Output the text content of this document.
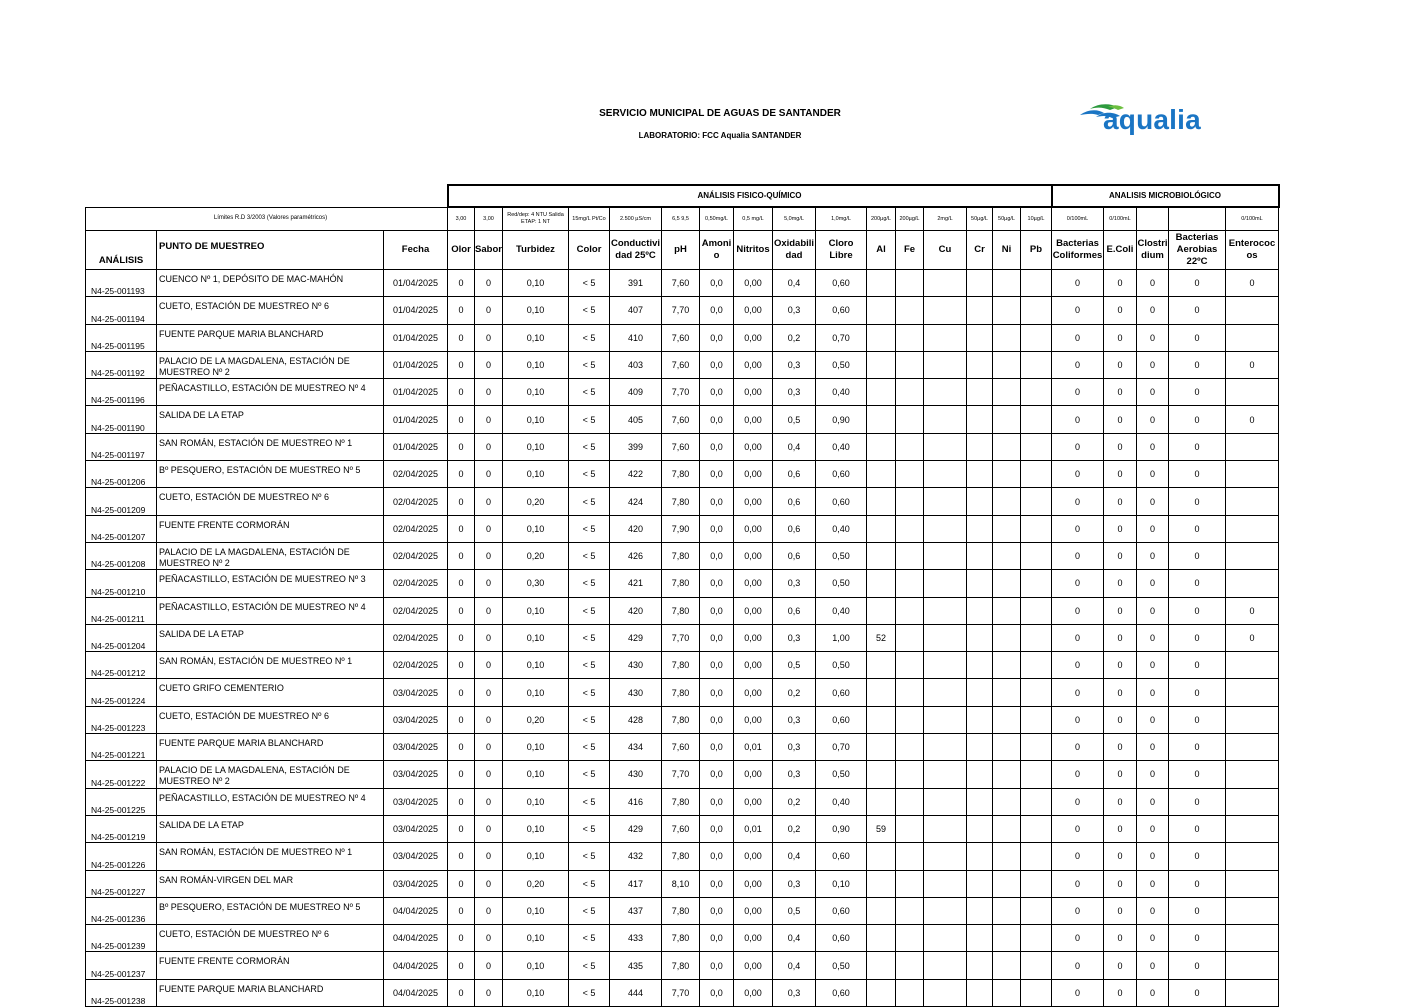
SERVICIO MUNICIPAL DE AGUAS DE SANTANDER
LABORATORIO: FCC Aqualia SANTANDER
aqualia
			ANÁLISIS FISICO-QUÍMICO																ANALISIS MICROBIOLÓGICO				
Límites R.D 3/2003 (Valores paramétricos)			3,00	3,00	Red/dep: 4 NTU Salida ETAP: 1 NT	15mg/L Pt/Co	2.500 µS/cm	6,5 9,5	0,50mg/L	0,5 mg/L	5,0mg/L	1,0mg/L	200µg/L	200µg/L	2mg/L	50µg/L	50µg/L	10µg/L	0/100mL	0/100mL			0/100mL
ANÁLISIS	PUNTO DE MUESTREO	Fecha	Olor	Sabor	Turbidez	Color	Conductividad 25ºC	pH	Amonio	Nitritos	Oxidabilidad	Cloro Libre	Al	Fe	Cu	Cr	Ni	Pb	Bacterias Coliformes	E.Coli	Clostridium	Bacterias Aerobias 22ºC	Enterococos
N4-25-001193	CUENCO Nº 1, DEPÓSITO DE MAC-MAHÓN	01/04/2025	0	0	0,10	< 5	391	7,60	0,0	0,00	0,4	0,60							0	0	0	0	0
N4-25-001194	CUETO, ESTACIÓN DE MUESTREO Nº 6	01/04/2025	0	0	0,10	< 5	407	7,70	0,0	0,00	0,3	0,60							0	0	0	0	
N4-25-001195	FUENTE PARQUE MARIA BLANCHARD	01/04/2025	0	0	0,10	< 5	410	7,60	0,0	0,00	0,2	0,70							0	0	0	0	
N4-25-001192	PALACIO DE LA MAGDALENA, ESTACIÓN DE MUESTREO Nº 2	01/04/2025	0	0	0,10	< 5	403	7,60	0,0	0,00	0,3	0,50							0	0	0	0	0
N4-25-001196	PEÑACASTILLO, ESTACIÓN DE MUESTREO Nº 4	01/04/2025	0	0	0,10	< 5	409	7,70	0,0	0,00	0,3	0,40							0	0	0	0	
N4-25-001190	SALIDA DE LA ETAP	01/04/2025	0	0	0,10	< 5	405	7,60	0,0	0,00	0,5	0,90							0	0	0	0	0
N4-25-001197	SAN ROMÁN, ESTACIÓN DE MUESTREO Nº 1	01/04/2025	0	0	0,10	< 5	399	7,60	0,0	0,00	0,4	0,40							0	0	0	0	
N4-25-001206	Bº PESQUERO, ESTACIÓN DE MUESTREO Nº 5	02/04/2025	0	0	0,10	< 5	422	7,80	0,0	0,00	0,6	0,60							0	0	0	0	
N4-25-001209	CUETO, ESTACIÓN DE MUESTREO Nº 6	02/04/2025	0	0	0,20	< 5	424	7,80	0,0	0,00	0,6	0,60							0	0	0	0	
N4-25-001207	FUENTE FRENTE CORMORÁN	02/04/2025	0	0	0,10	< 5	420	7,90	0,0	0,00	0,6	0,40							0	0	0	0	
N4-25-001208	PALACIO DE LA MAGDALENA, ESTACIÓN DE MUESTREO Nº 2	02/04/2025	0	0	0,20	< 5	426	7,80	0,0	0,00	0,6	0,50							0	0	0	0	
N4-25-001210	PEÑACASTILLO, ESTACIÓN DE MUESTREO Nº 3	02/04/2025	0	0	0,30	< 5	421	7,80	0,0	0,00	0,3	0,50							0	0	0	0	
N4-25-001211	PEÑACASTILLO, ESTACIÓN DE MUESTREO Nº 4	02/04/2025	0	0	0,10	< 5	420	7,80	0,0	0,00	0,6	0,40							0	0	0	0	0
N4-25-001204	SALIDA DE LA ETAP	02/04/2025	0	0	0,10	< 5	429	7,70	0,0	0,00	0,3	1,00	52						0	0	0	0	0
N4-25-001212	SAN ROMÁN, ESTACIÓN DE MUESTREO Nº 1	02/04/2025	0	0	0,10	< 5	430	7,80	0,0	0,00	0,5	0,50							0	0	0	0	
N4-25-001224	CUETO GRIFO CEMENTERIO	03/04/2025	0	0	0,10	< 5	430	7,80	0,0	0,00	0,2	0,60							0	0	0	0	
N4-25-001223	CUETO, ESTACIÓN DE MUESTREO Nº 6	03/04/2025	0	0	0,20	< 5	428	7,80	0,0	0,00	0,3	0,60							0	0	0	0	
N4-25-001221	FUENTE PARQUE MARIA BLANCHARD	03/04/2025	0	0	0,10	< 5	434	7,60	0,0	0,01	0,3	0,70							0	0	0	0	
N4-25-001222	PALACIO DE LA MAGDALENA, ESTACIÓN DE MUESTREO Nº 2	03/04/2025	0	0	0,10	< 5	430	7,70	0,0	0,00	0,3	0,50							0	0	0	0	
N4-25-001225	PEÑACASTILLO, ESTACIÓN DE MUESTREO Nº 4	03/04/2025	0	0	0,10	< 5	416	7,80	0,0	0,00	0,2	0,40							0	0	0	0	
N4-25-001219	SALIDA DE LA ETAP	03/04/2025	0	0	0,10	< 5	429	7,60	0,0	0,01	0,2	0,90	59						0	0	0	0	
N4-25-001226	SAN ROMÁN, ESTACIÓN DE MUESTREO Nº 1	03/04/2025	0	0	0,10	< 5	432	7,80	0,0	0,00	0,4	0,60							0	0	0	0	
N4-25-001227	SAN ROMÁN-VIRGEN DEL MAR	03/04/2025	0	0	0,20	< 5	417	8,10	0,0	0,00	0,3	0,10							0	0	0	0	
N4-25-001236	Bº PESQUERO, ESTACIÓN DE MUESTREO Nº 5	04/04/2025	0	0	0,10	< 5	437	7,80	0,0	0,00	0,5	0,60							0	0	0	0	
N4-25-001239	CUETO, ESTACIÓN DE MUESTREO Nº 6	04/04/2025	0	0	0,10	< 5	433	7,80	0,0	0,00	0,4	0,60							0	0	0	0	
N4-25-001237	FUENTE FRENTE CORMORÁN	04/04/2025	0	0	0,10	< 5	435	7,80	0,0	0,00	0,4	0,50							0	0	0	0	
N4-25-001238	FUENTE PARQUE MARIA BLANCHARD	04/04/2025	0	0	0,10	< 5	444	7,70	0,0	0,00	0,3	0,60							0	0	0	0	
